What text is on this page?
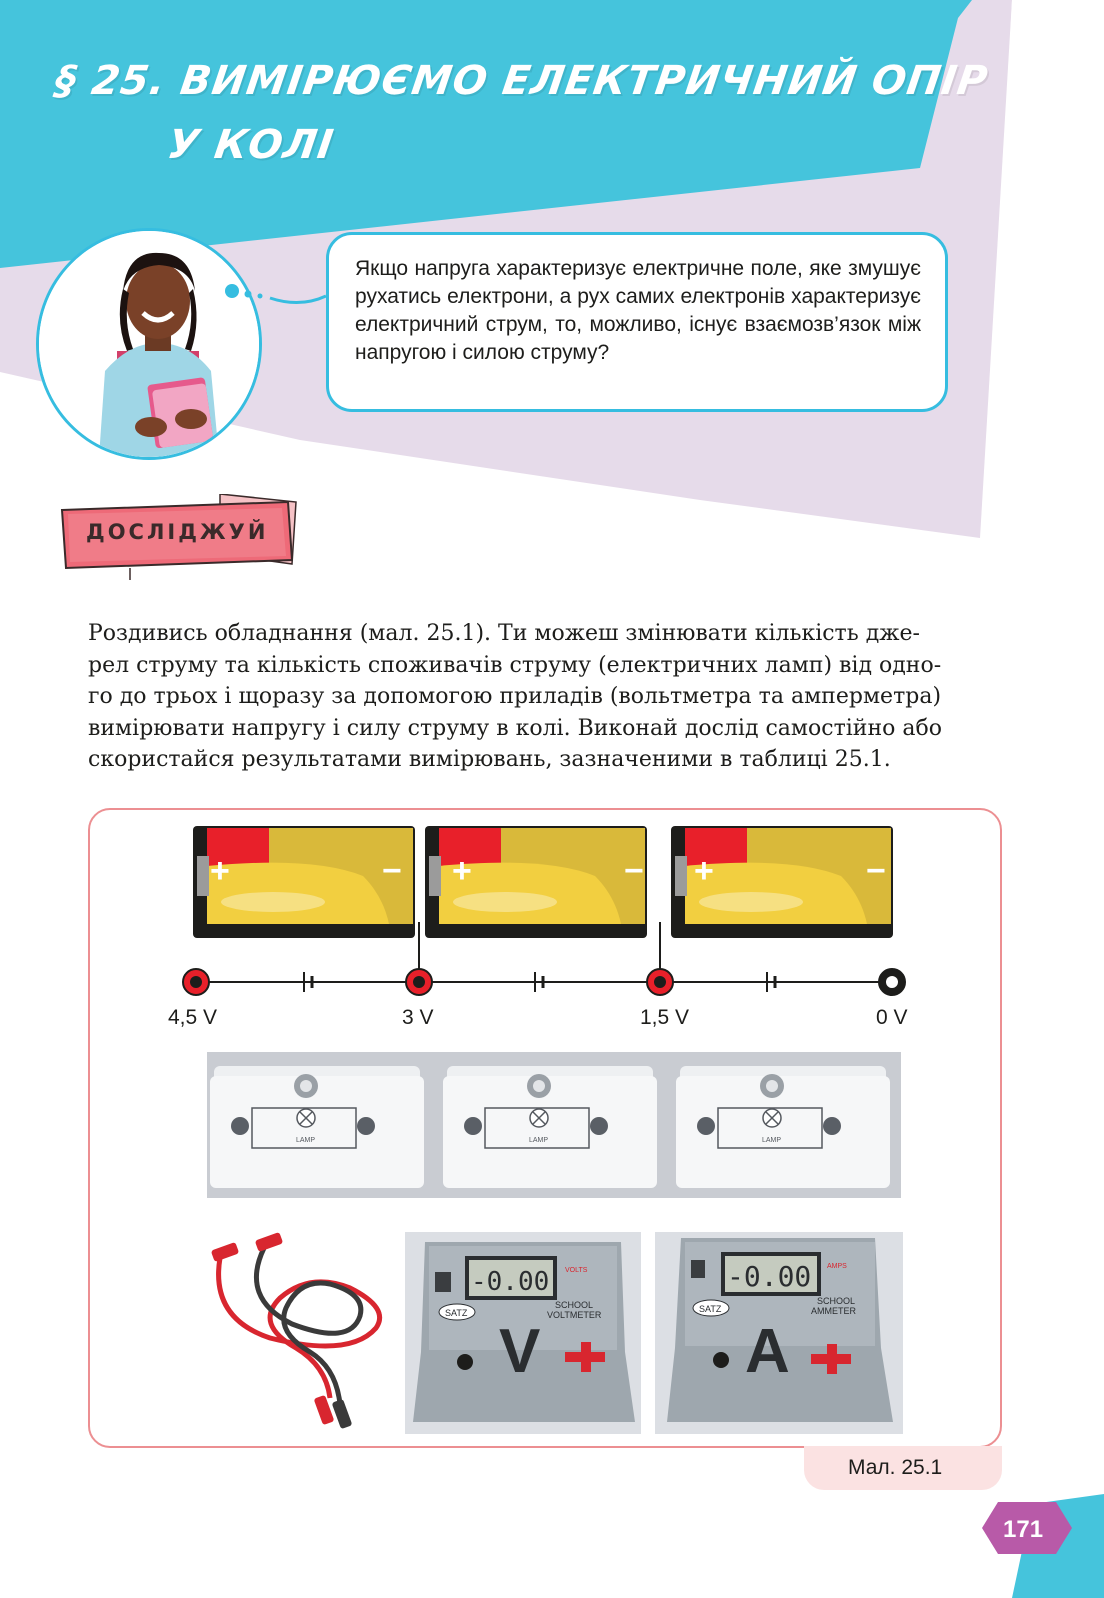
§ 25. ВИМІРЮЄМО ЕЛЕКТРИЧНИЙ ОПІР
У КОЛІ

Якщо напруга характеризує електричне поле, яке змушує рухатись електрони, а рух самих електронів характеризує електричний струм, то, можливо, існує взаємозв’язок між напругою і силою струму?

ДОСЛІДЖУЙ
Роздивись обладнання (мал. 25.1). Ти можеш змінювати кількість дже-
рел струму та кількість споживачів струму (електричних ламп) від одно-
го до трьох і щоразу за допомогою приладів (вольтметра та амперметра)
вимірювати напругу і силу струму в колі. Виконай дослід самостійно або
скористайся результатами вимірювань, зазначеними в таблиці 25.1.
+	− +	− +	−
4,5 V	3 V	1,5 V	0 V
LAMP	LAMP	LAMP
-0.00 VOLTS
SCHOOL
VOLTMETER
SATZ
V
-0.00 AMPS
SCHOOL
AMMETER
SATZ
A
Мал. 25.1
171
